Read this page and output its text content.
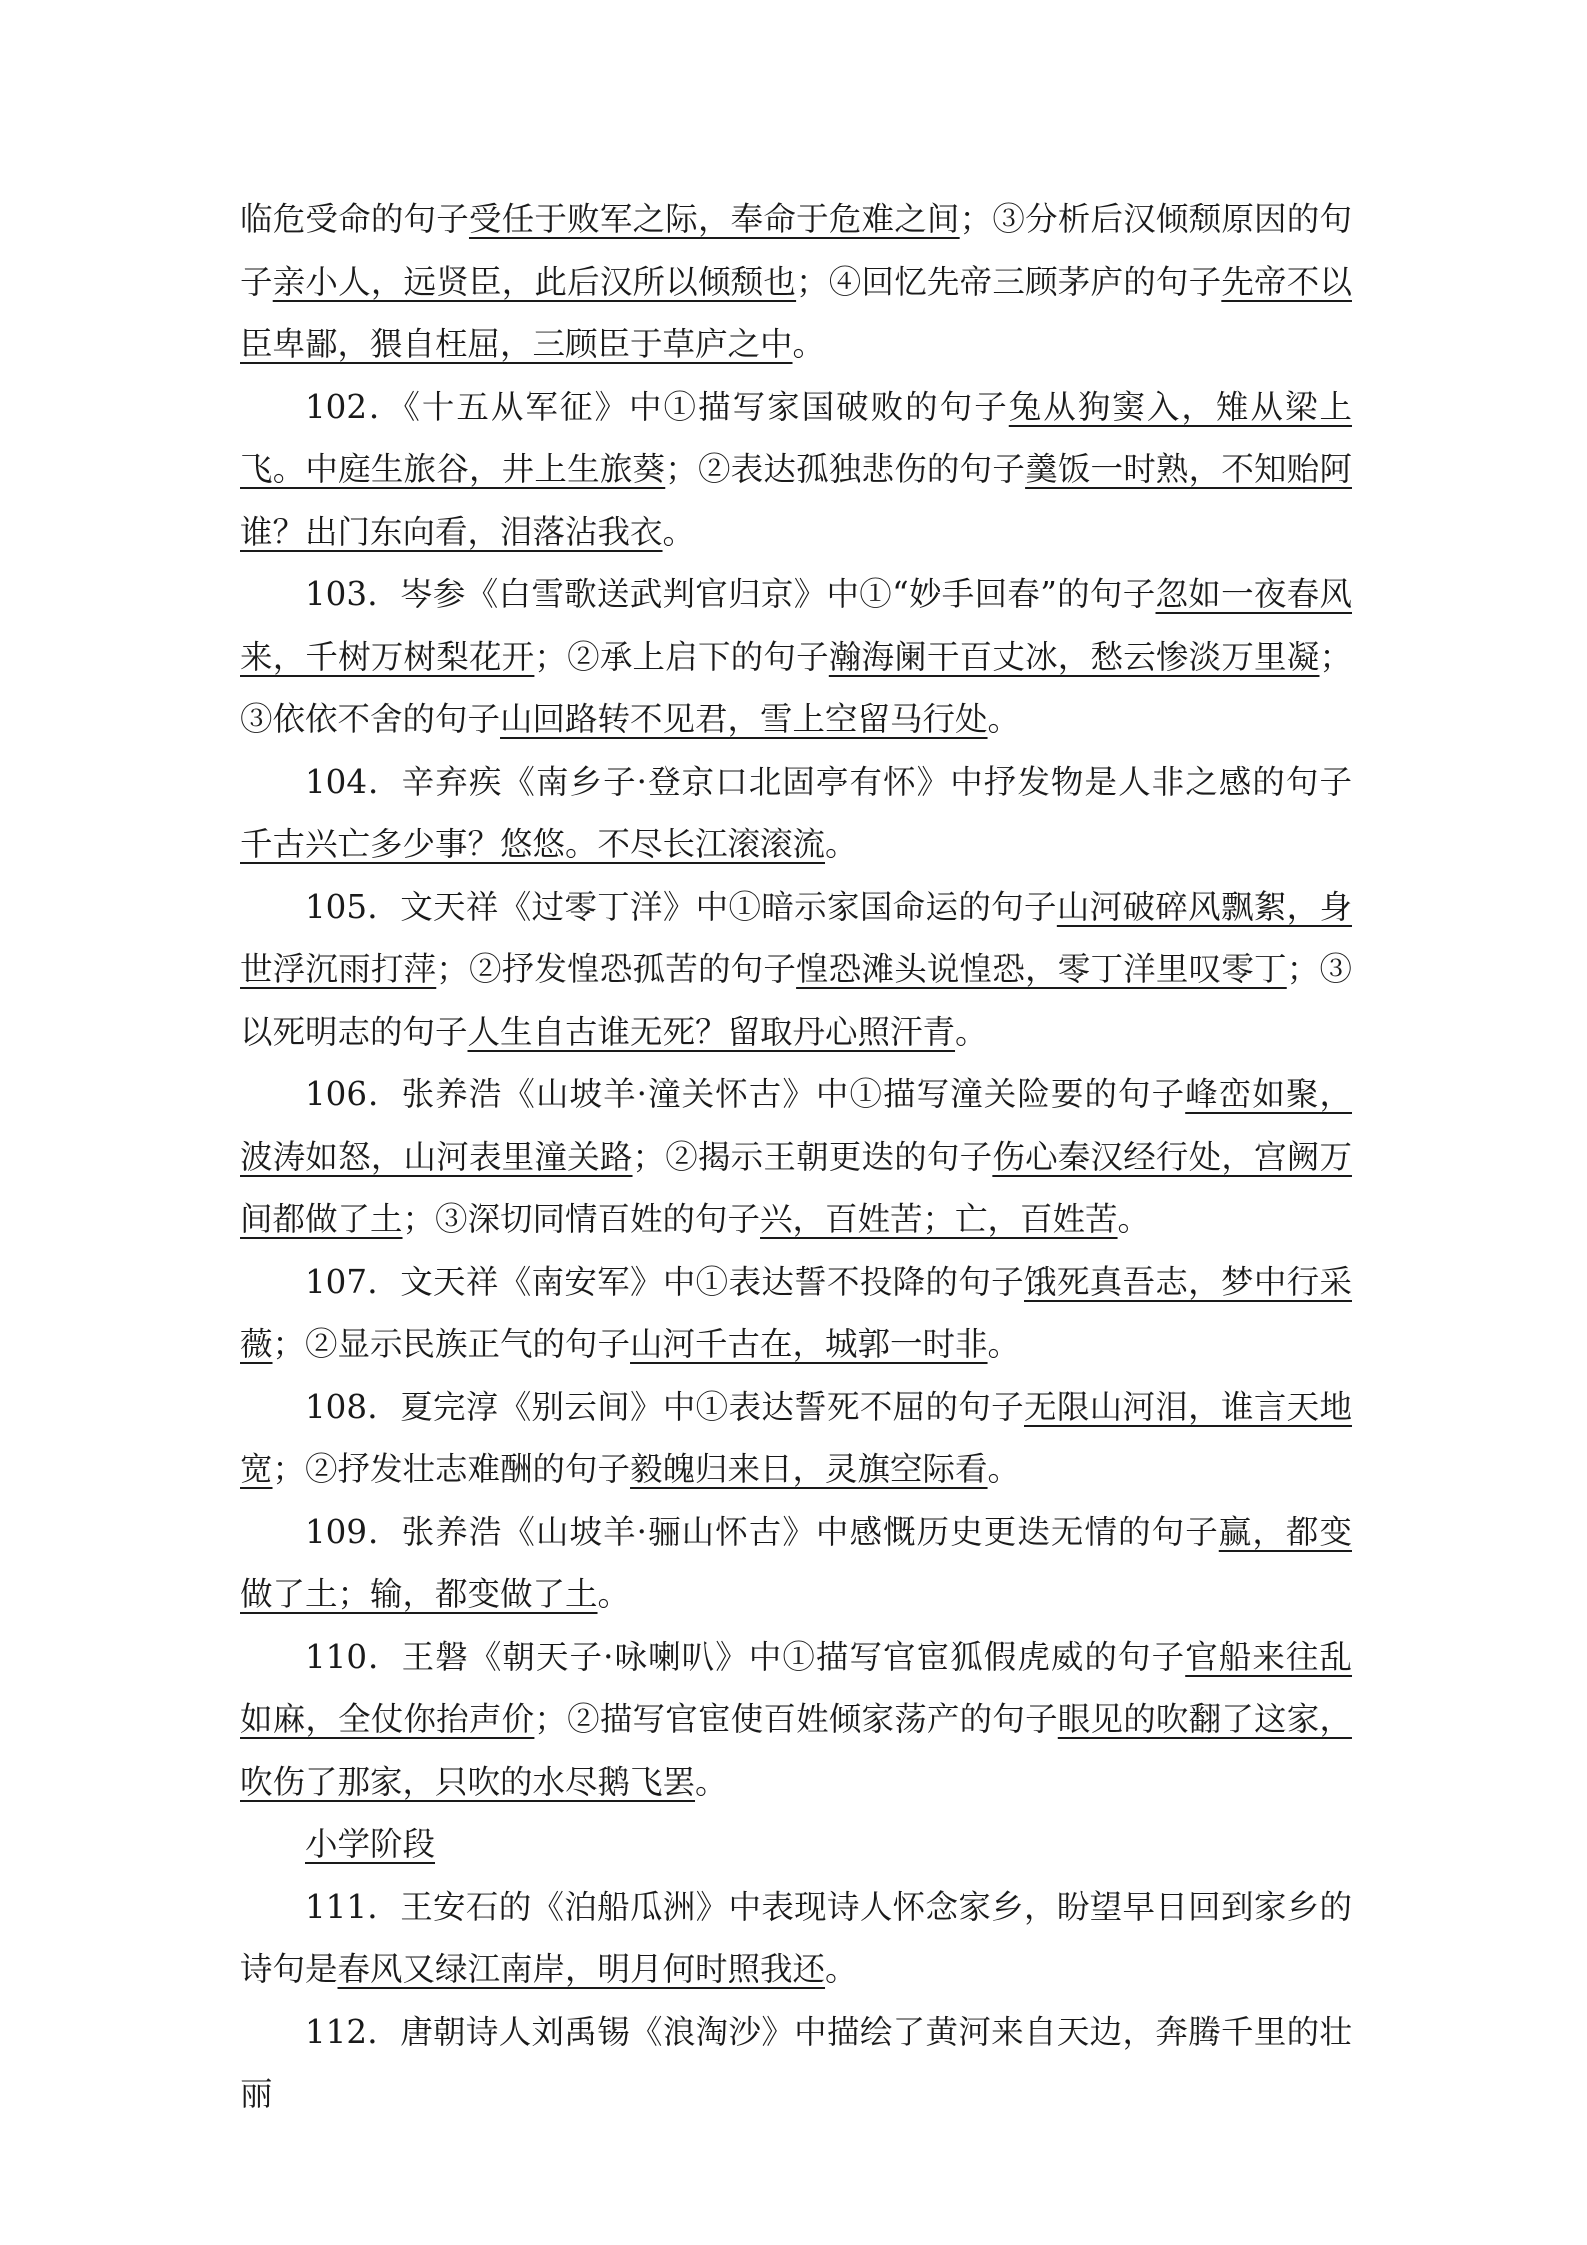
临危受命的句子受任于败军之际，奉命于危难之间；③分析后汉倾颓原因的句子亲小人，远贤臣，此后汉所以倾颓也；④回忆先帝三顾茅庐的句子先帝不以臣卑鄙，猥自枉屈，三顾臣于草庐之中。

102．《十五从军征》中①描写家国破败的句子兔从狗窦入，雉从梁上飞。中庭生旅谷，井上生旅葵；②表达孤独悲伤的句子羹饭一时熟，不知贻阿谁？出门东向看，泪落沾我衣。

103．岑参《白雪歌送武判官归京》中①“妙手回春”的句子忽如一夜春风来，千树万树梨花开；②承上启下的句子瀚海阑干百丈冰，愁云惨淡万里凝；③依依不舍的句子山回路转不见君，雪上空留马行处。

104．辛弃疾《南乡子·登京口北固亭有怀》中抒发物是人非之感的句子千古兴亡多少事？悠悠。不尽长江滚滚流。

105．文天祥《过零丁洋》中①暗示家国命运的句子山河破碎风飘絮，身世浮沉雨打萍；②抒发惶恐孤苦的句子惶恐滩头说惶恐，零丁洋里叹零丁；③以死明志的句子人生自古谁无死？留取丹心照汗青。

106．张养浩《山坡羊·潼关怀古》中①描写潼关险要的句子峰峦如聚，波涛如怒，山河表里潼关路；②揭示王朝更迭的句子伤心秦汉经行处，宫阙万间都做了土；③深切同情百姓的句子兴，百姓苦；亡，百姓苦。

107．文天祥《南安军》中①表达誓不投降的句子饿死真吾志，梦中行采薇；②显示民族正气的句子山河千古在，城郭一时非。

108．夏完淳《别云间》中①表达誓死不屈的句子无限山河泪，谁言天地宽；②抒发壮志难酬的句子毅魄归来日，灵旗空际看。

109．张养浩《山坡羊·骊山怀古》中感慨历史更迭无情的句子赢，都变做了土；输，都变做了土。

110．王磐《朝天子·咏喇叭》中①描写官宦狐假虎威的句子官船来往乱如麻，全仗你抬声价；②描写官宦使百姓倾家荡产的句子眼见的吹翻了这家，吹伤了那家，只吹的水尽鹅飞罢。

小学阶段

111．王安石的《泊船瓜洲》中表现诗人怀念家乡，盼望早日回到家乡的诗句是春风又绿江南岸，明月何时照我还。

112．唐朝诗人刘禹锡《浪淘沙》中描绘了黄河来自天边，奔腾千里的壮丽
